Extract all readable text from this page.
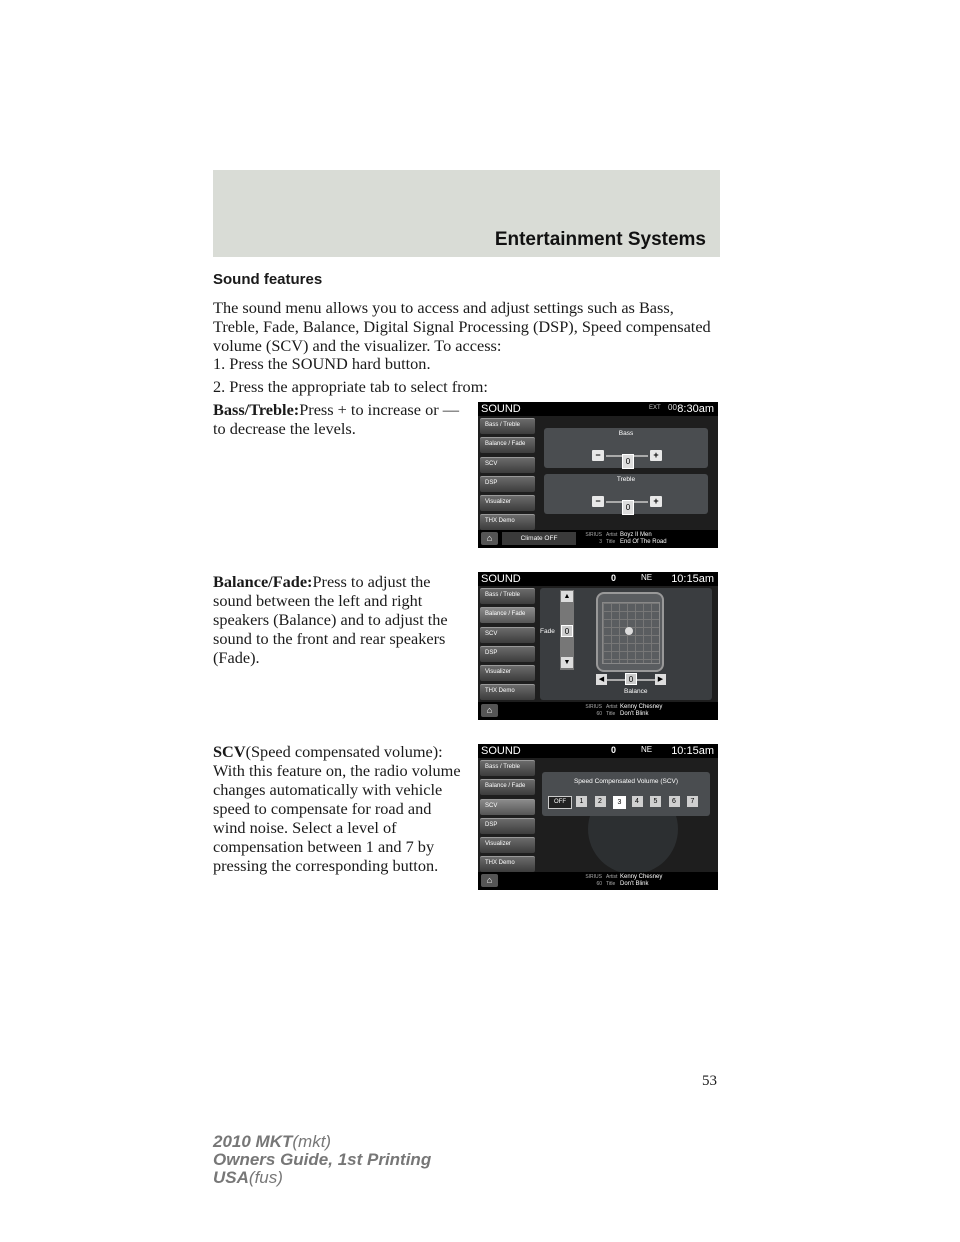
Entertainment Systems
Sound features

The sound menu allows you to access and adjust settings such as Bass, Treble, Fade, Balance, Digital Signal Processing (DSP), Speed compensated volume (SCV) and the visualizer. To access:

1. Press the SOUND hard button.

2. Press the appropriate tab to select from:

Bass/Treble:Press + to increase or — to decrease the levels.
Balance/Fade:Press to adjust the sound between the left and right speakers (Balance) and to adjust the sound to the front and rear speakers (Fade).
SCV(Speed compensated volume): With this feature on, the radio volume changes automatically with vehicle speed to compensate for road and wind noise. Select a level of compensation between 1 and 7 by pressing the corresponding button.
SOUND	EXT 00 8:30am
Bass / Treble
Balance / Fade
SCV
DSP
Visualizer
THX Demo
Bass
−
0
+
Treble
−
0
+
⌂	Climate OFF	SIRIUS
3
Artist
Title
Boyz II Men
End Of The Road
SOUND	0	NE 10:15am
Bass / Treble
Balance / Fade
SCV
DSP
Visualizer
THX Demo
▲
0
▼
Fade
◀	0	▶
Balance
⌂	SIRIUS
60
Artist
Title
Kenny Chesney
Don't Blink
SOUND	0	NE 10:15am
Bass / Treble
Balance / Fade
SCV
DSP
Visualizer
THX Demo
Speed Compensated Volume (SCV)
OFF	1	2	3	4	5	6	7
⌂	SIRIUS
60
Artist
Title
Kenny Chesney
Don't Blink
53
2010 MKT(mkt)
Owners Guide, 1st Printing
USA(fus)
